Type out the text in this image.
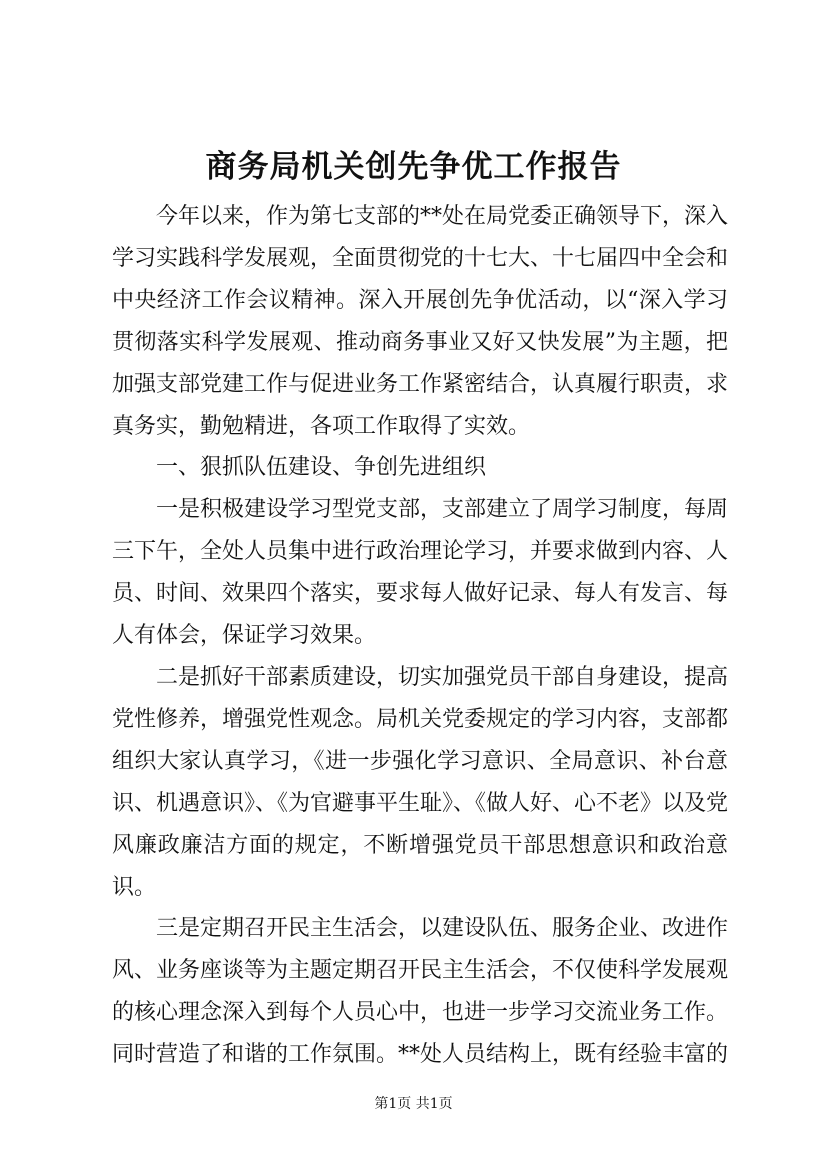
商务局机关创先争优工作报告

今年以来，作为第七支部的**处在局党委正确领导下，深入学习实践科学发展观，全面贯彻党的十七大、十七届四中全会和中央经济工作会议精神。深入开展创先争优活动，以“深入学习贯彻落实科学发展观、推动商务事业又好又快发展”为主题，把加强支部党建工作与促进业务工作紧密结合，认真履行职责，求真务实，勤勉精进，各项工作取得了实效。

一、狠抓队伍建设、争创先进组织

一是积极建设学习型党支部，支部建立了周学习制度，每周三下午，全处人员集中进行政治理论学习，并要求做到内容、人员、时间、效果四个落实，要求每人做好记录、每人有发言、每人有体会，保证学习效果。

二是抓好干部素质建设，切实加强党员干部自身建设，提高党性修养，增强党性观念。局机关党委规定的学习内容，支部都组织大家认真学习，《进一步强化学习意识、全局意识、补台意识、机遇意识》、《为官避事平生耻》、《做人好、心不老》以及党风廉政廉洁方面的规定，不断增强党员干部思想意识和政治意识。

三是定期召开民主生活会，以建设队伍、服务企业、改进作风、业务座谈等为主题定期召开民主生活会，不仅使科学发展观的核心理念深入到每个人员心中，也进一步学习交流业务工作。同时营造了和谐的工作氛围。**处人员结构上，既有经验丰富的

第1页 共1页
